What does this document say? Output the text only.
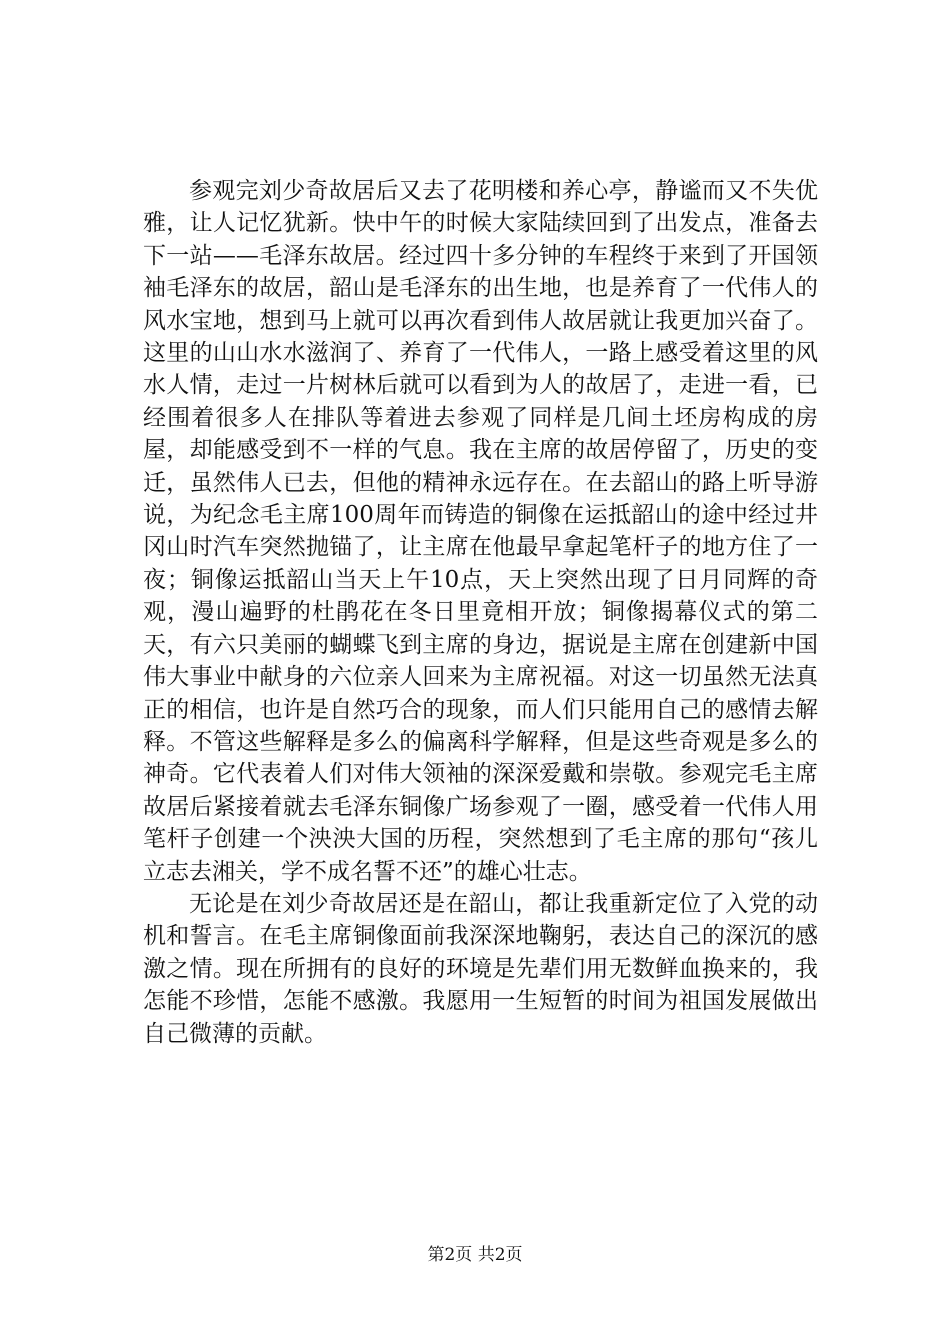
参观完刘少奇故居后又去了花明楼和养心亭，静谧而又不失优雅，让人记忆犹新。快中午的时候大家陆续回到了出发点，准备去下一站——毛泽东故居。经过四十多分钟的车程终于来到了开国领袖毛泽东的故居，韶山是毛泽东的出生地，也是养育了一代伟人的风水宝地，想到马上就可以再次看到伟人故居就让我更加兴奋了。这里的山山水水滋润了、养育了一代伟人，一路上感受着这里的风水人情，走过一片树林后就可以看到为人的故居了，走进一看，已经围着很多人在排队等着进去参观了同样是几间土坯房构成的房屋，却能感受到不一样的气息。我在主席的故居停留了，历史的变迁，虽然伟人已去，但他的精神永远存在。在去韶山的路上听导游说，为纪念毛主席100周年而铸造的铜像在运抵韶山的途中经过井冈山时汽车突然抛锚了，让主席在他最早拿起笔杆子的地方住了一夜；铜像运抵韶山当天上午10点，天上突然出现了日月同辉的奇观，漫山遍野的杜鹃花在冬日里竟相开放；铜像揭幕仪式的第二天，有六只美丽的蝴蝶飞到主席的身边，据说是主席在创建新中国伟大事业中献身的六位亲人回来为主席祝福。对这一切虽然无法真正的相信，也许是自然巧合的现象，而人们只能用自己的感情去解释。不管这些解释是多么的偏离科学解释，但是这些奇观是多么的神奇。它代表着人们对伟大领袖的深深爱戴和崇敬。参观完毛主席故居后紧接着就去毛泽东铜像广场参观了一圈，感受着一代伟人用笔杆子创建一个泱泱大国的历程，突然想到了毛主席的那句“孩儿立志去湘关，学不成名誓不还”的雄心壮志。

无论是在刘少奇故居还是在韶山，都让我重新定位了入党的动机和誓言。在毛主席铜像面前我深深地鞠躬，表达自己的深沉的感激之情。现在所拥有的良好的环境是先辈们用无数鲜血换来的，我怎能不珍惜，怎能不感激。我愿用一生短暂的时间为祖国发展做出自己微薄的贡献。

第2页 共2页
